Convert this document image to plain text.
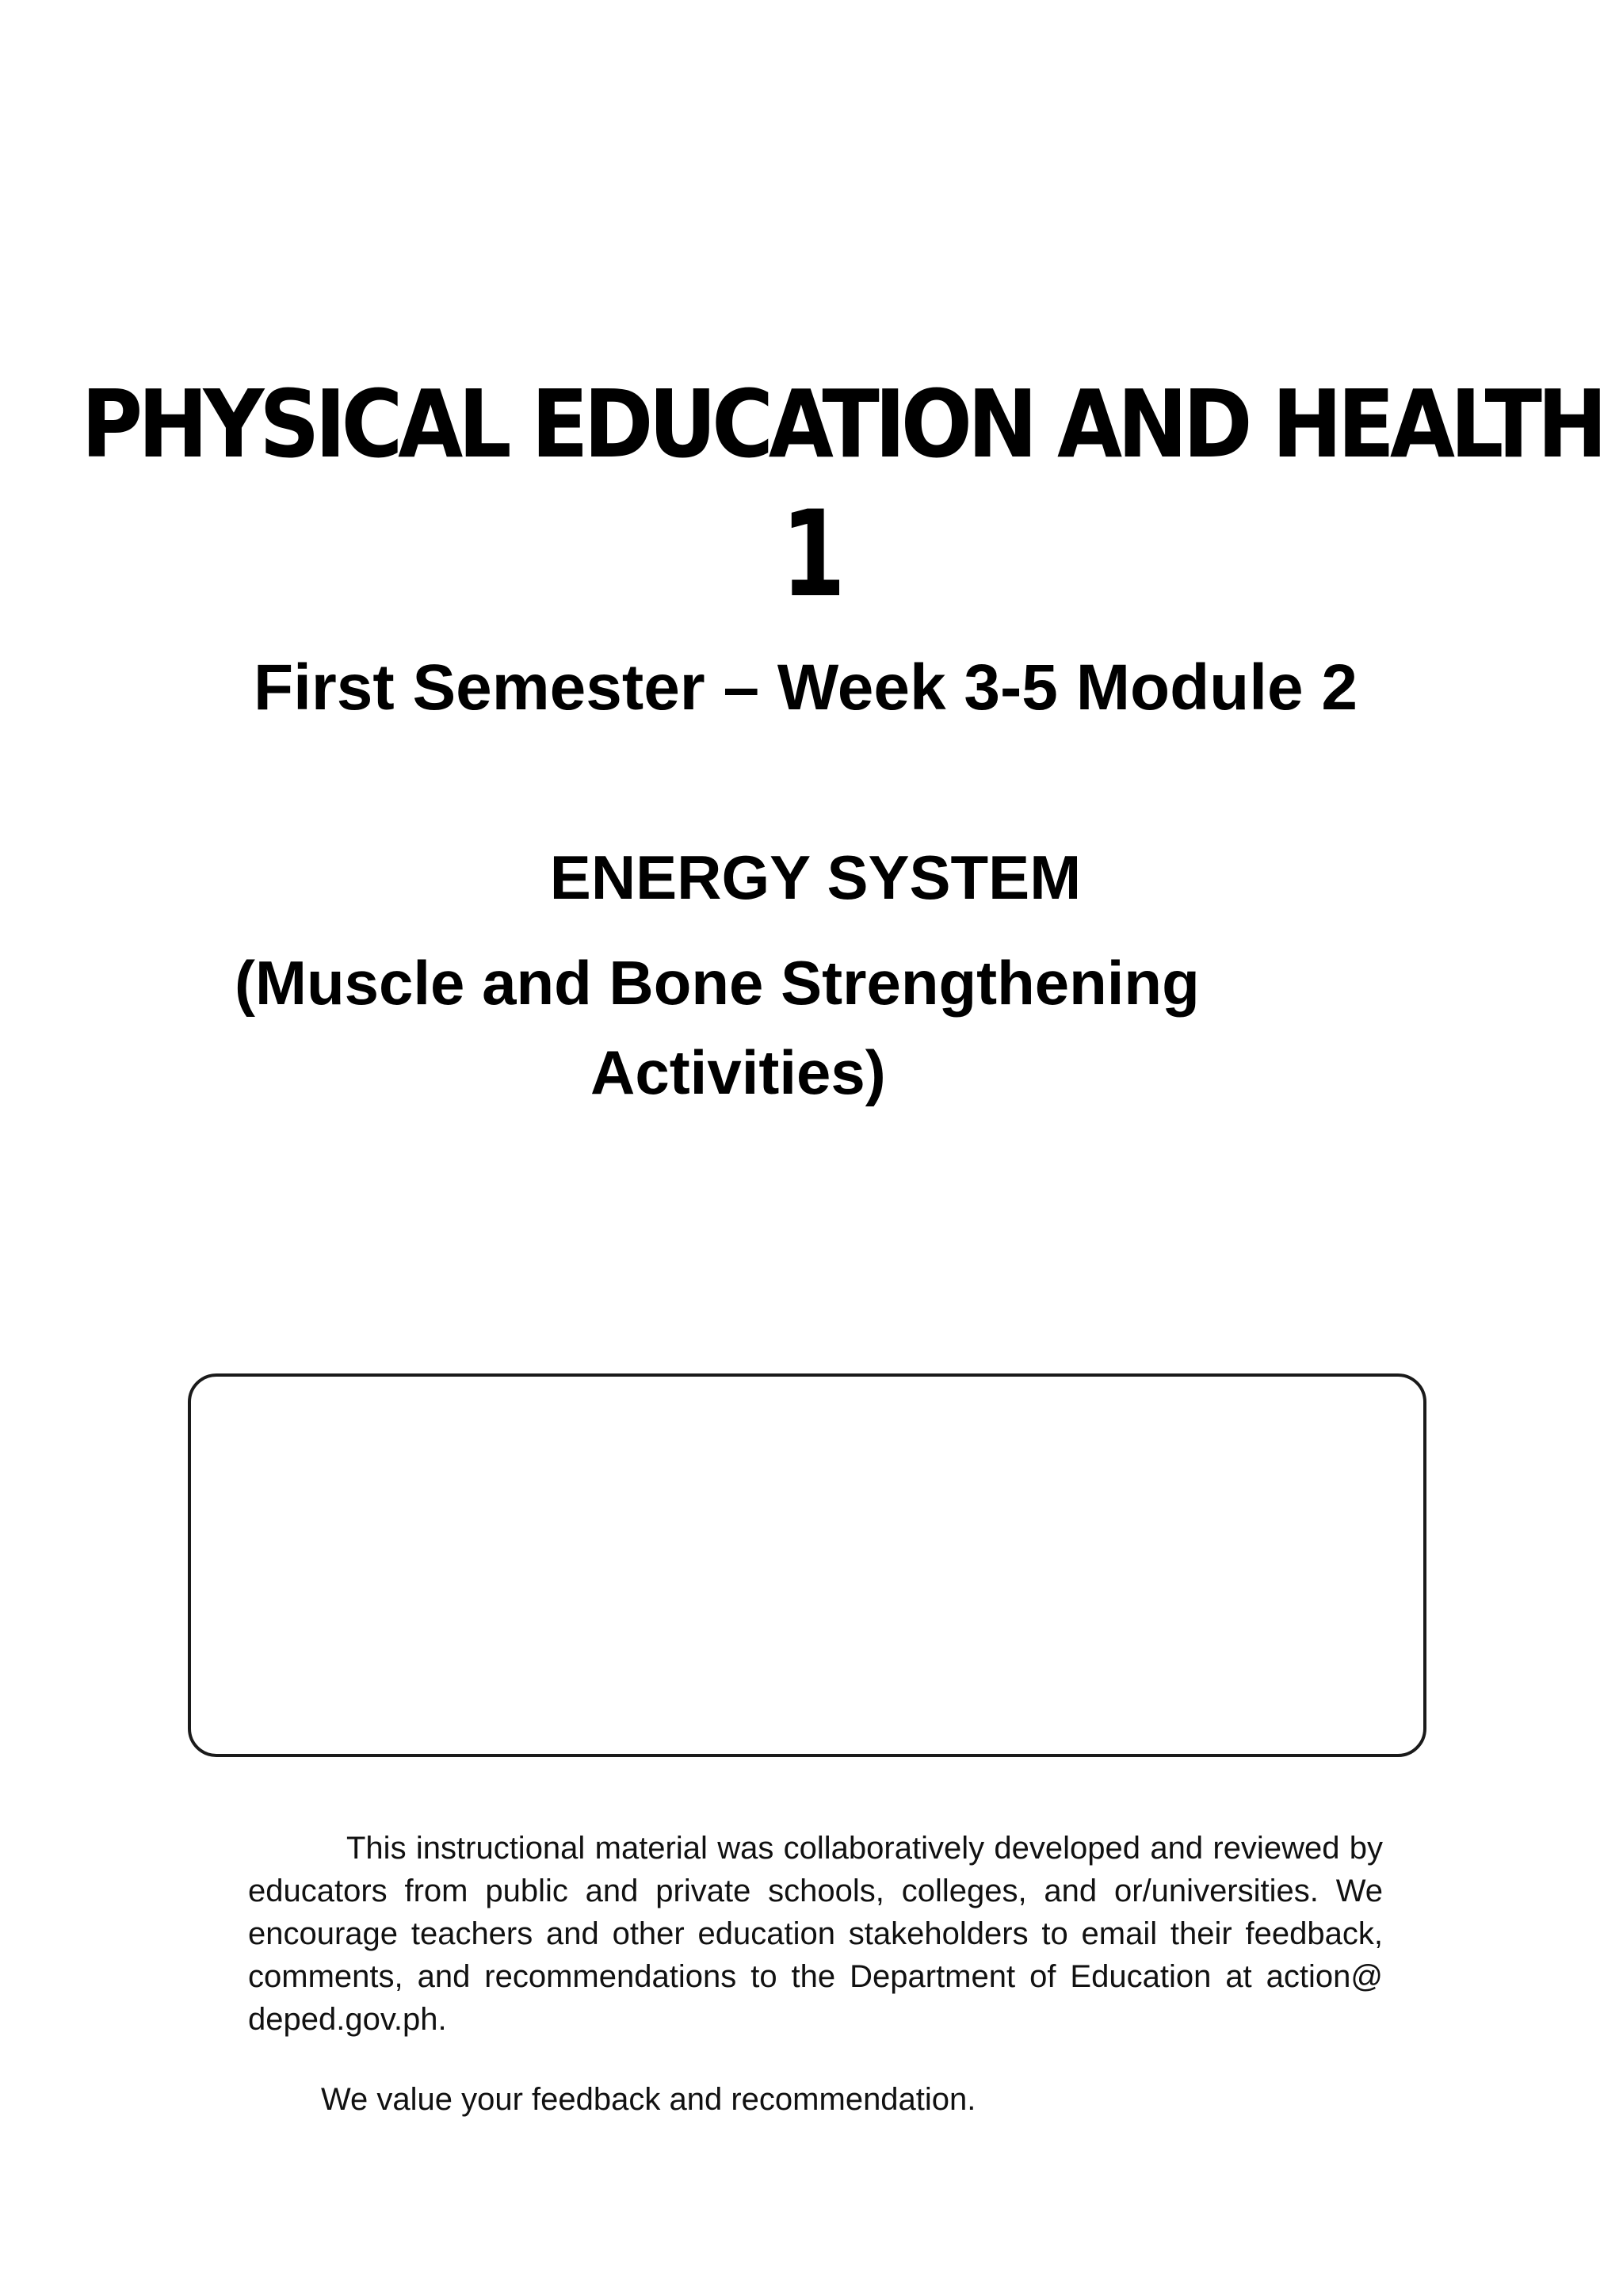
PHYSICAL EDUCATION AND HEALTH
1
First Semester – Week 3-5 Module 2
ENERGY SYSTEM
(Muscle and Bone Strengthening
Activities)

This instructional material was collaboratively developed and reviewed by educators from public and private schools, colleges, and or/universities. We encourage teachers and other education stakeholders to email their feedback, comments, and recommendations to the Department of Education at action@ deped.gov.ph.

We value your feedback and recommendation.
